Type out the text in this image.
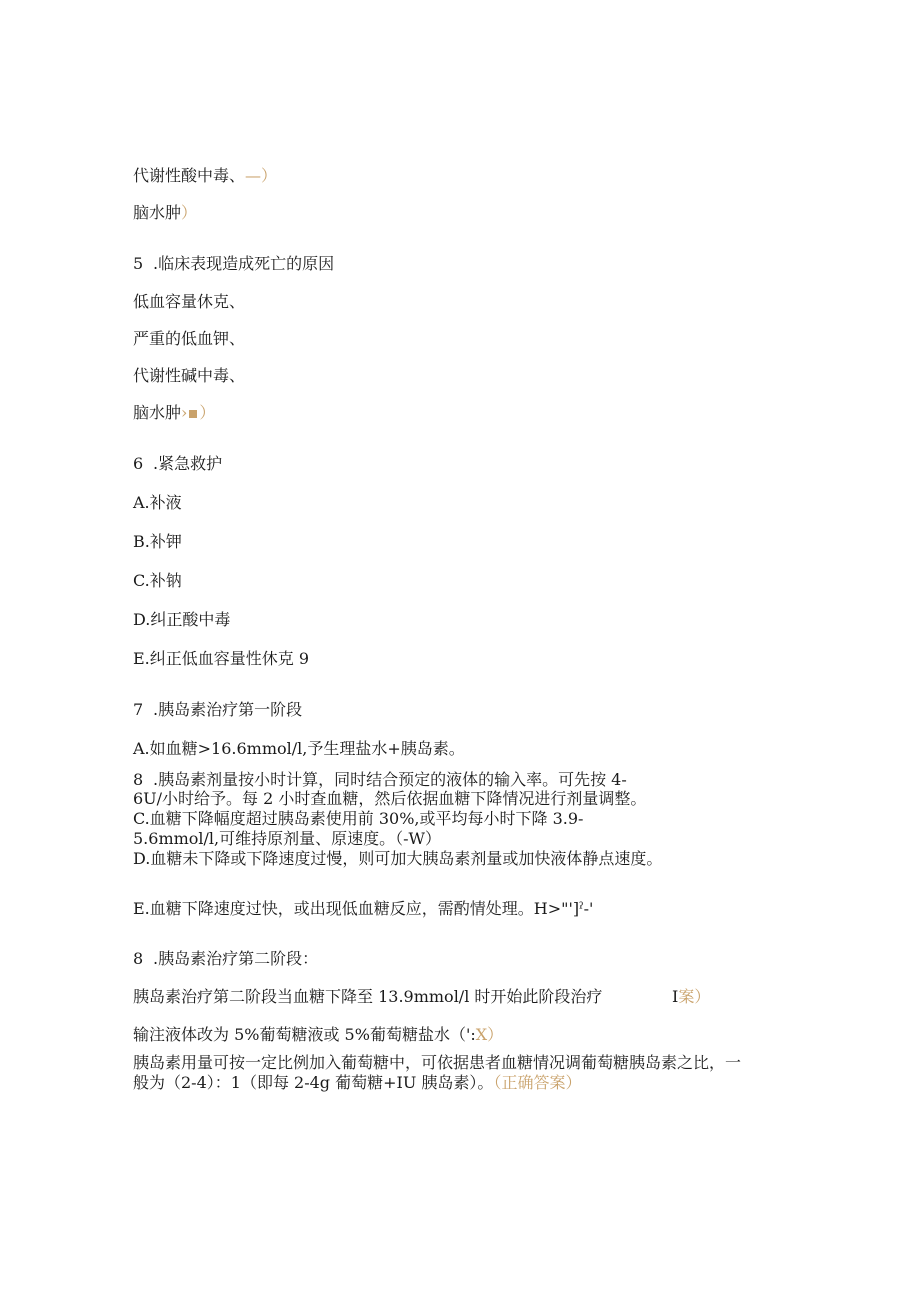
代谢性酸中毒、—）
脑水肿）
5 .临床表现造成死亡的原因
低血容量休克、
严重的低血钾、
代谢性碱中毒、
脑水肿› ）
6 .紧急救护
A.补液
B.补钾
C.补钠
D.纠正酸中毒
E.纠正低血容量性休克 9
7 .胰岛素治疗第一阶段
A.如血糖>16.6mmol/l,予生理盐水+胰岛素。
8 .胰岛素剂量按小时计算，同时结合预定的液体的输入率。可先按 4-
6U/小时给予。每 2 小时查血糖，然后依据血糖下降情况进行剂量调整。
C.血糖下降幅度超过胰岛素使用前 30%,或平均每小时下降 3.9-
5.6mmol/l,可维持原剂量、原速度。（-W）
D.血糖未下降或下降速度过慢，则可加大胰岛素剂量或加快液体静点速度。
E.血糖下降速度过快，或出现低血糖反应，需酌情处理。H>"']ˀ-'
8 .胰岛素治疗第二阶段：
胰岛素治疗第二阶段当血糖下降至 13.9mmol/l 时开始此阶段治疗	I案）
输注液体改为 5%葡萄糖液或 5%葡萄糖盐水（':X）
胰岛素用量可按一定比例加入葡萄糖中，可依据患者血糖情况调葡萄糖胰岛素之比，一
般为（2-4）：1（即每 2-4g 葡萄糖+IU 胰岛素）。（正确答案）
